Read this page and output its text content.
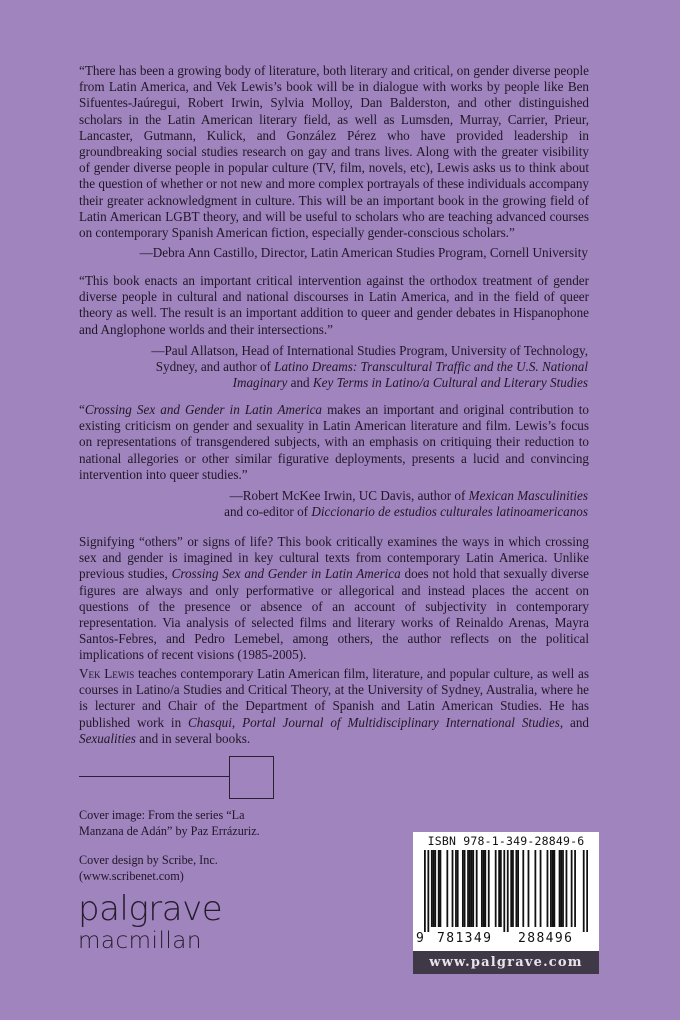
“There has been a growing body of literature, both literary and critical, on gender diverse people from Latin America, and Vek Lewis’s book will be in dialogue with works by people like Ben Sifuentes-Jaúregui, Robert Irwin, Sylvia Molloy, Dan Balderston, and other distinguished scholars in the Latin American literary field, as well as Lumsden, Murray, Carrier, Prieur, Lancaster, Gutmann, Kulick, and González Pérez who have provided leadership in groundbreaking social studies research on gay and trans lives. Along with the greater visibility of gender diverse people in popular culture (TV, film, novels, etc), Lewis asks us to think about the question of whether or not new and more complex portrayals of these individuals accompany their greater acknowledgment in culture. This will be an important book in the growing field of Latin American LGBT theory, and will be useful to scholars who are teaching advanced courses on contemporary Spanish American fiction, especially gender-conscious scholars.”

—Debra Ann Castillo, Director, Latin American Studies Program, Cornell University

“This book enacts an important critical intervention against the orthodox treatment of gender diverse people in cultural and national discourses in Latin America, and in the field of queer theory as well. The result is an important addition to queer and gender debates in Hispanophone and Anglophone worlds and their intersections.”

—Paul Allatson, Head of International Studies Program, University of Technology,
Sydney, and author of Latino Dreams: Transcultural Traffic and the U.S. National
Imaginary and Key Terms in Latino/a Cultural and Literary Studies

“Crossing Sex and Gender in Latin America makes an important and original contribution to existing criticism on gender and sexuality in Latin American literature and film. Lewis’s focus on representations of transgendered subjects, with an emphasis on critiquing their reduction to national allegories or other similar figurative deployments, presents a lucid and convincing intervention into queer studies.”

—Robert McKee Irwin, UC Davis, author of Mexican Masculinities
and co-editor of Diccionario de estudios culturales latinoamericanos

Signifying “others” or signs of life? This book critically examines the ways in which crossing sex and gender is imagined in key cultural texts from contemporary Latin America. Unlike previous studies, Crossing Sex and Gender in Latin America does not hold that sexually diverse figures are always and only performative or allegorical and instead places the accent on questions of the presence or absence of an account of subjectivity in contemporary representation. Via analysis of selected films and literary works of Reinaldo Arenas, Mayra Santos-Febres, and Pedro Lemebel, among others, the author reflects on the political implications of recent visions (1985-2005).

Vek Lewis teaches contemporary Latin American film, literature, and popular culture, as well as courses in Latino/a Studies and Critical Theory, at the University of Sydney, Australia, where he is lecturer and Chair of the Department of Spanish and Latin American Studies. He has published work in Chasqui, Portal Journal of Multidisciplinary International Studies, and Sexualities and in several books.

Cover image: From the series “La
Manzana de Adán” by Paz Errázuriz.
Cover design by Scribe, Inc.
(www.scribenet.com)
palgrave
macmillan
ISBN 978-1-349-28849-6
9 781349 288496
www.palgrave.com
